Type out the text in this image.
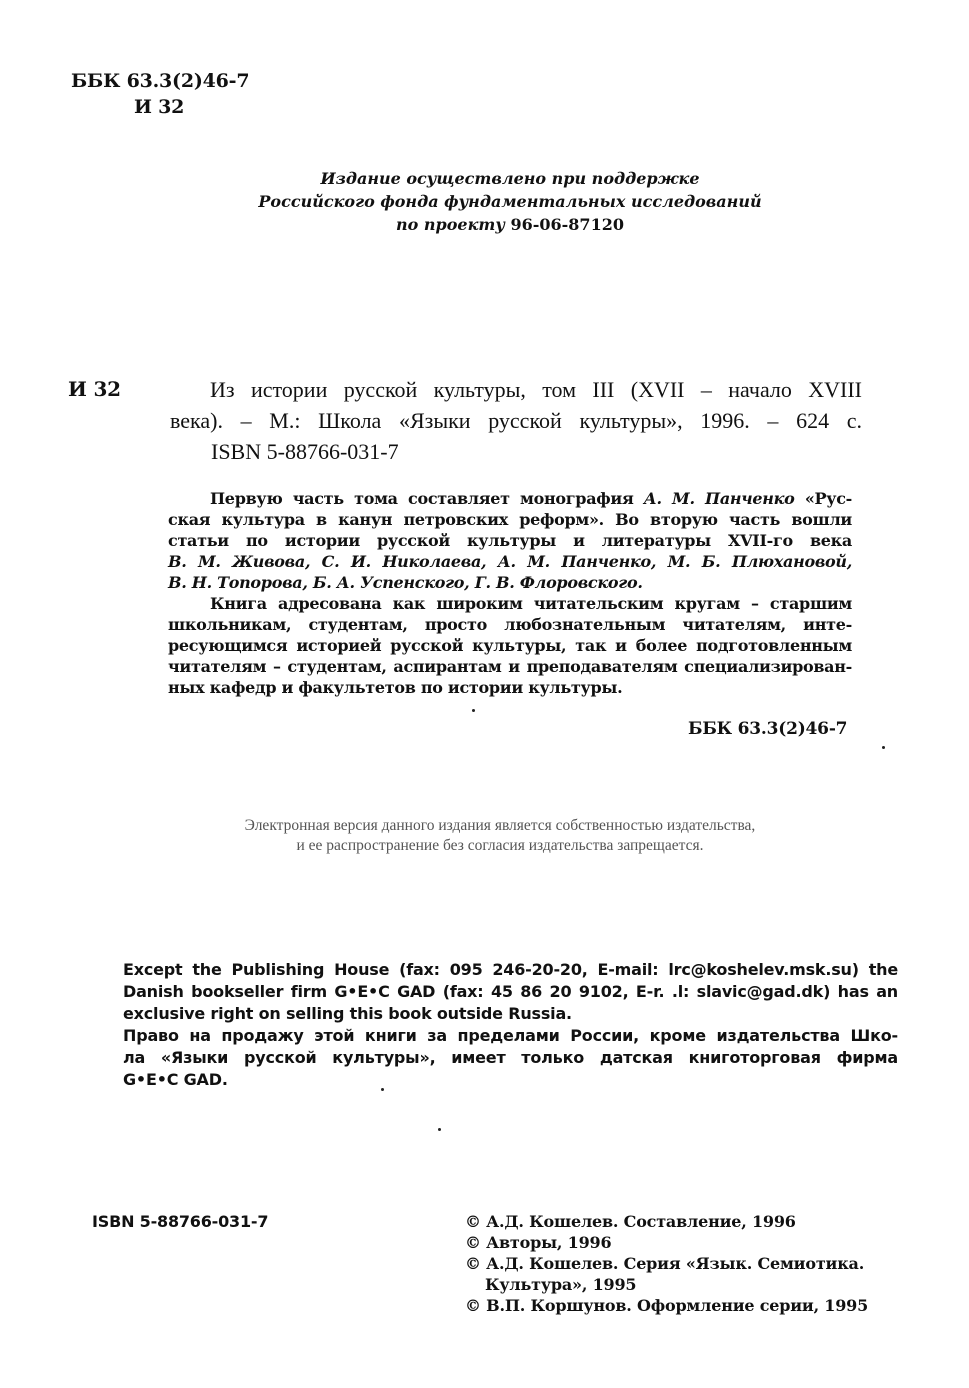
ББК 63.3(2)46-7
И 32
Издание осуществлено при поддержке
Российского фонда фундаментальных исследований
по проекту 96-06-87120
И 32	Из истории русской культуры, том III (XVII – начало XVIII
века). – М.: Школа «Языки русской культуры», 1996. – 624 с.
ISBN 5-88766-031-7
Первую часть тома составляет монография А. М. Панченко «Рус-
ская культура в канун петровских реформ». Во вторую часть вошли
статьи по истории русской культуры и литературы XVII-го века
В. М. Живова, С. И. Николаева, А. М. Панченко, М. Б. Плюхановой,
В. Н. Топорова, Б. А. Успенского, Г. В. Флоровского.
Книга адресована как широким читательским кругам – старшим
школьникам, студентам, просто любознательным читателям, инте-
ресующимся историей русской культуры, так и более подготовленным
читателям – студентам, аспирантам и преподавателям специализирован-
ных кафедр и факультетов по истории культуры.
ББК 63.3(2)46-7
Электронная версия данного издания является собственностью издательства,
и ее распространение без согласия издательства запрещается.
Except the Publishing House (fax: 095 246-20-20, E-mail: lrc@koshelev.msk.su) the
Danish bookseller firm G•E•C GAD (fax: 45 86 20 9102, E-r. .l: slavic@gad.dk) has an
exclusive right on selling this book outside Russia.
Право на продажу этой книги за пределами России, кроме издательства Шко-
ла «Языки русской культуры», имеет только датская книготорговая фирма
G•E•C GAD.
ISBN 5-88766-031-7	© А.Д. Кошелев. Составление, 1996
© Авторы, 1996
© А.Д. Кошелев. Серия «Язык. Семиотика.
Культура», 1995
© В.П. Коршунов. Оформление серии, 1995
